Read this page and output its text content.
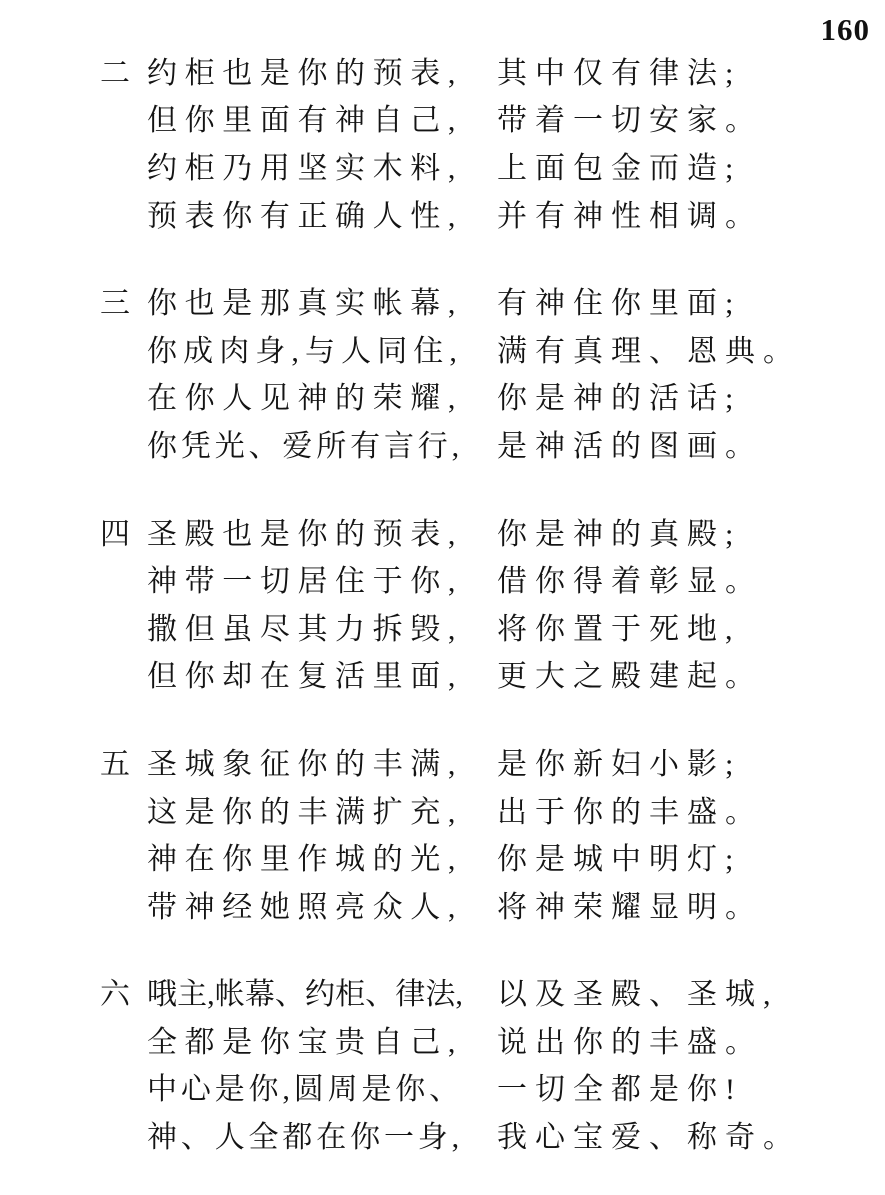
160
二 约柜也是你的预表,	其中仅有律法;
但你里面有神自己,	带着一切安家。
约柜乃用坚实木料,	上面包金而造;
预表你有正确人性,	并有神性相调。
三 你也是那真实帐幕,	有神住你里面;
你成肉身,与人同住,	满有真理、恩典。
在你人见神的荣耀,	你是神的活话;
你凭光、爱所有言行,	是神活的图画。
四 圣殿也是你的预表,	你是神的真殿;
神带一切居住于你,	借你得着彰显。
撒但虽尽其力拆毁,	将你置于死地,
但你却在复活里面,	更大之殿建起。
五 圣城象征你的丰满,	是你新妇小影;
这是你的丰满扩充,	出于你的丰盛。
神在你里作城的光,	你是城中明灯;
带神经她照亮众人,	将神荣耀显明。
六 哦主,帐幕、约柜、律法,	以及圣殿、圣城,
全都是你宝贵自己,	说出你的丰盛。
中心是你,圆周是你、	一切全都是你!
神、人全都在你一身,	我心宝爱、称奇。
